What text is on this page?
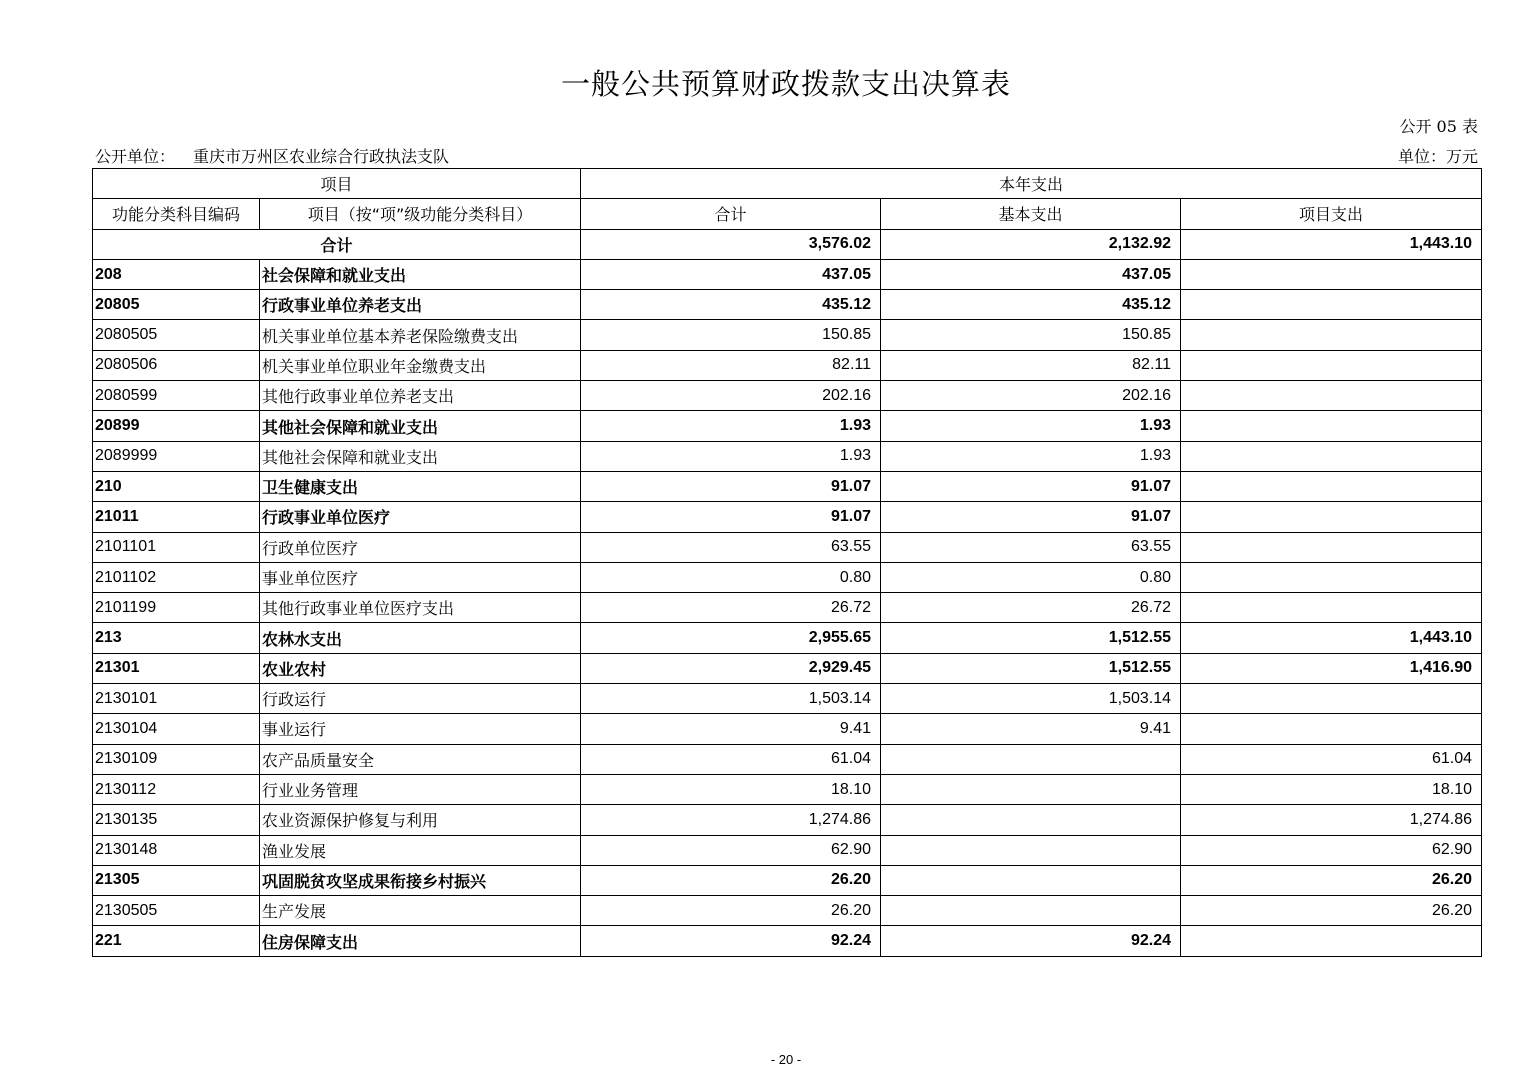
一般公共预算财政拨款支出决算表
公开 05 表
公开单位： 重庆市万州区农业综合行政执法支队	单位：万元
项目		本年支出		
功能分类科目编码	项目（按“项”级功能分类科目）	合计	基本支出	项目支出
合计		3,576.02	2,132.92	1,443.10
208	社会保障和就业支出	437.05	437.05	
20805	行政事业单位养老支出	435.12	435.12	
2080505	机关事业单位基本养老保险缴费支出	150.85	150.85	
2080506	机关事业单位职业年金缴费支出	82.11	82.11	
2080599	其他行政事业单位养老支出	202.16	202.16	
20899	其他社会保障和就业支出	1.93	1.93	
2089999	其他社会保障和就业支出	1.93	1.93	
210	卫生健康支出	91.07	91.07	
21011	行政事业单位医疗	91.07	91.07	
2101101	行政单位医疗	63.55	63.55	
2101102	事业单位医疗	0.80	0.80	
2101199	其他行政事业单位医疗支出	26.72	26.72	
213	农林水支出	2,955.65	1,512.55	1,443.10
21301	农业农村	2,929.45	1,512.55	1,416.90
2130101	行政运行	1,503.14	1,503.14	
2130104	事业运行	9.41	9.41	
2130109	农产品质量安全	61.04		61.04
2130112	行业业务管理	18.10		18.10
2130135	农业资源保护修复与利用	1,274.86		1,274.86
2130148	渔业发展	62.90		62.90
21305	巩固脱贫攻坚成果衔接乡村振兴	26.20		26.20
2130505	生产发展	26.20		26.20
221	住房保障支出	92.24	92.24	
- 20 -
